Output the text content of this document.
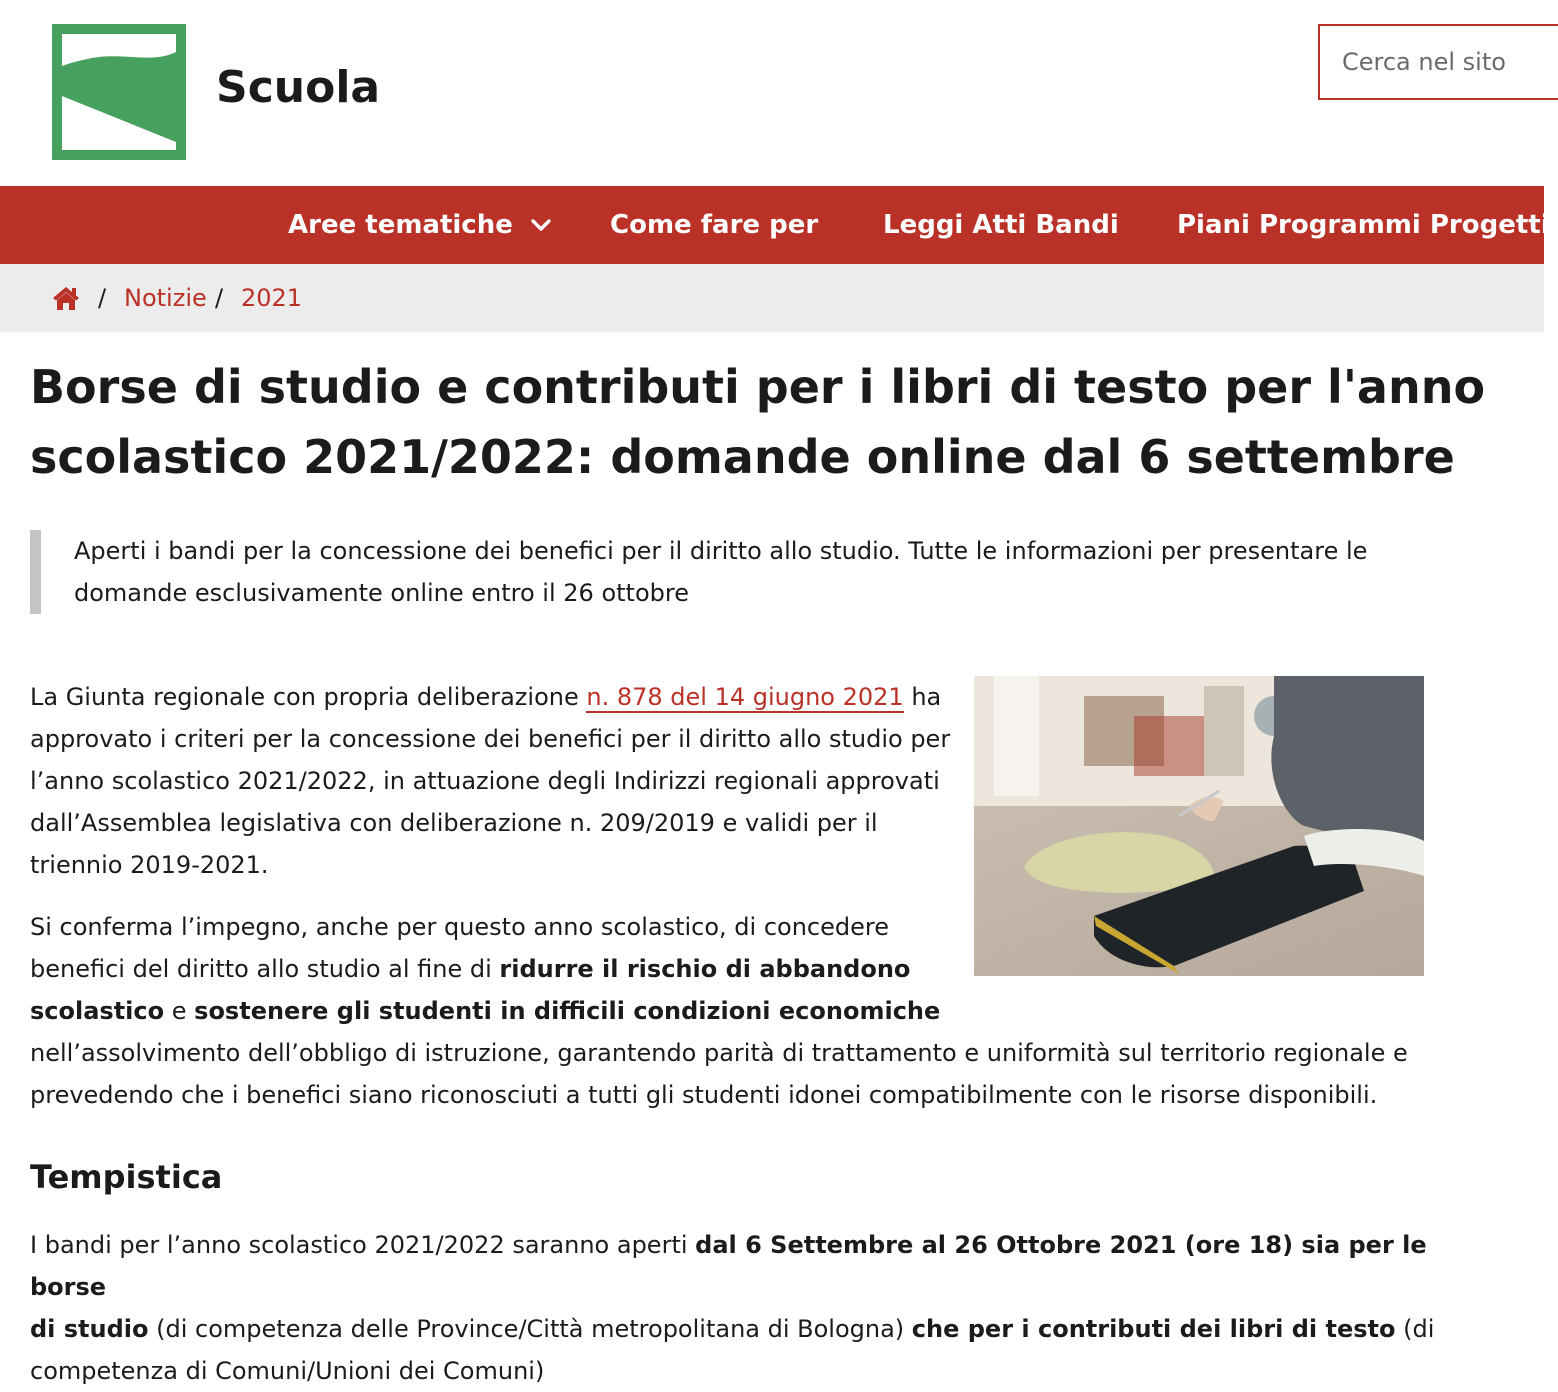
Scuola	Cerca nel sito
Aree tematiche	Come fare per Leggi Atti Bandi Piani Programmi Progetti
/ Notizie / 2021
Borse di studio e contributi per i libri di testo per l'anno scolastico 2021/2022: domande online dal 6 settembre
Aperti i bandi per la concessione dei benefici per il diritto allo studio. Tutte le informazioni per presentare le domande esclusivamente online entro il 26 ottobre
La Giunta regionale con propria deliberazione n. 878 del 14 giugno 2021 ha
approvato i criteri per la concessione dei benefici per il diritto allo studio per
l’anno scolastico 2021/2022, in attuazione degli Indirizzi regionali approvati
dall’Assemblea legislativa con deliberazione n. 209/2019 e validi per il
triennio 2019-2021.
Si conferma l’impegno, anche per questo anno scolastico, di concedere
benefici del diritto allo studio al fine di ridurre il rischio di abbandono
scolastico e sostenere gli studenti in difficili condizioni economiche
nell’assolvimento dell’obbligo di istruzione, garantendo parità di trattamento e uniformità sul territorio regionale e
prevedendo che i benefici siano riconosciuti a tutti gli studenti idonei compatibilmente con le risorse disponibili.
Tempistica
I bandi per l’anno scolastico 2021/2022 saranno aperti dal 6 Settembre al 26 Ottobre 2021 (ore 18) sia per le borse
di studio (di competenza delle Province/Città metropolitana di Bologna) che per i contributi dei libri di testo (di
competenza di Comuni/Unioni dei Comuni)
